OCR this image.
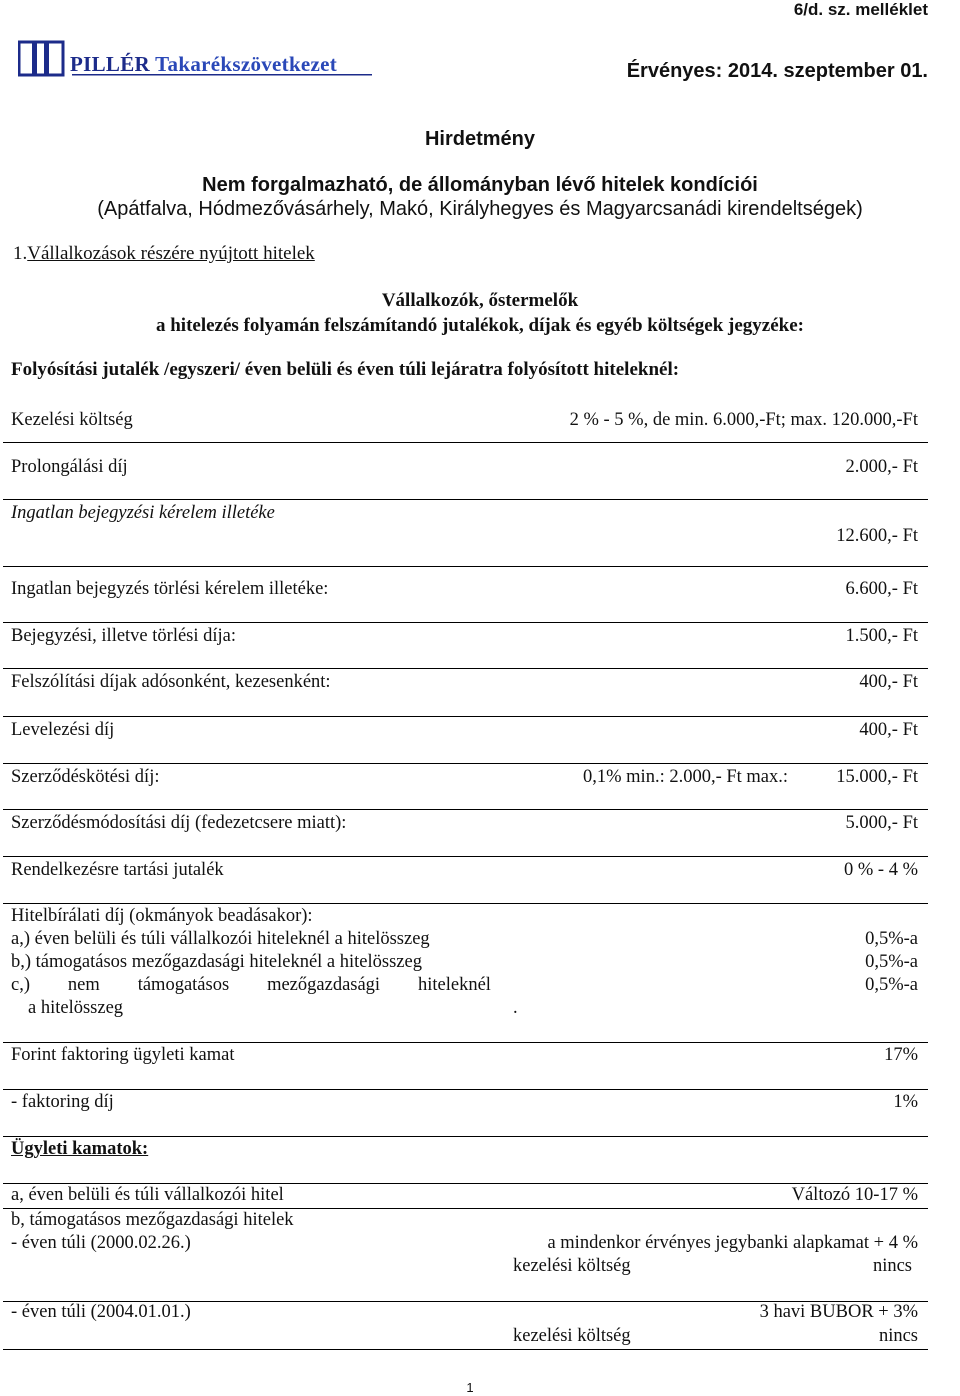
6/d. sz. melléklet
PILLÉR Takarékszövetkezet	Érvényes: 2014. szeptember 01.
Hirdetmény
Nem forgalmazható, de állományban lévő hitelek kondíciói
(Apátfalva, Hódmezővásárhely, Makó, Királyhegyes és Magyarcsanádi kirendeltségek)
1.Vállalkozások részére nyújtott hitelek
Vállalkozók, őstermelők
a hitelezés folyamán felszámítandó jutalékok, díjak és egyéb költségek jegyzéke:
Folyósítási jutalék /egyszeri/ éven belüli és éven túli lejáratra folyósított hiteleknél:
Kezelési költség	2 % - 5 %, de min. 6.000,-Ft; max. 120.000,-Ft
Prolongálási díj	2.000,- Ft
Ingatlan bejegyzési kérelem illetéke
12.600,- Ft
Ingatlan bejegyzés törlési kérelem illetéke:	6.600,- Ft
Bejegyzési, illetve törlési díja:	1.500,- Ft
Felszólítási díjak adósonként, kezesenként:	400,- Ft
Levelezési díj	400,- Ft
Szerződéskötési díj:	0,1% min.: 2.000,- Ft max.:	15.000,- Ft
Szerződésmódosítási díj (fedezetcsere miatt):	5.000,- Ft
Rendelkezésre tartási jutalék	0 % - 4 %
Hitelbírálati díj (okmányok beadásakor):
a,) éven belüli és túli vállalkozói hiteleknél a hitelösszeg	0,5%-a
b,) támogatásos mezőgazdasági hiteleknél a hitelösszeg	0,5%-a
c,) nem támogatásos mezőgazdasági hiteleknél	0,5%-a
a hitelösszeg	.
Forint faktoring ügyleti kamat	17%
- faktoring díj	1%
Ügyleti kamatok:
a, éven belüli és túli vállalkozói hitel	Változó 10-17 %
b, támogatásos mezőgazdasági hitelek
- éven túli (2000.02.26.)	a mindenkor érvényes jegybanki alapkamat + 4 %
kezelési költség	nincs
- éven túli (2004.01.01.)	3 havi BUBOR + 3%
kezelési költség	nincs
1
